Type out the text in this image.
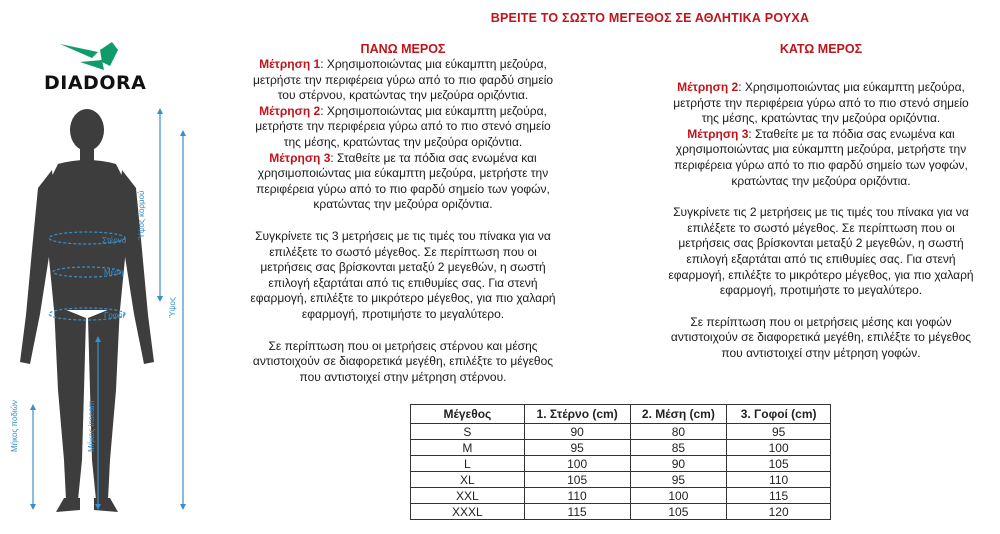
ΒΡΕΙΤΕ ΤΟ ΣΩΣΤΟ ΜΕΓΕΘΟΣ ΣΕ ΑΘΛΗΤΙΚΑ ΡΟΥΧΑ
DIADORA
Στέρνο
Μέση
Γοφοί
Ύψος κορμού
Ύψος
Μήκος ποδιών	Μήκος inseam
ΠΑΝΩ ΜΕΡΟΣ

Μέτρηση 1: Χρησιμοποιώντας μια εύκαμπτη μεζούρα, μετρήστε την περιφέρεια γύρω από το πιο φαρδύ σημείο του στέρνου, κρατώντας την μεζούρα οριζόντια.

Μέτρηση 2: Χρησιμοποιώντας μια εύκαμπτη μεζούρα, μετρήστε την περιφέρεια γύρω από το πιο στενό σημείο της μέσης, κρατώντας την μεζούρα οριζόντια.

Μέτρηση 3: Σταθείτε με τα πόδια σας ενωμένα και χρησιμοποιώντας μια εύκαμπτη μεζούρα, μετρήστε την περιφέρεια γύρω από το πιο φαρδύ σημείο των γοφών, κρατώντας την μεζούρα οριζόντια.

Συγκρίνετε τις 3 μετρήσεις με τις τιμές του πίνακα για να επιλέξετε το σωστό μέγεθος. Σε περίπτωση που οι μετρήσεις σας βρίσκονται μεταξύ 2 μεγεθών, η σωστή επιλογή εξαρτάται από τις επιθυμίες σας. Για στενή εφαρμογή, επιλέξτε το μικρότερο μέγεθος, για πιο χαλαρή εφαρμογή, προτιμήστε το μεγαλύτερο.

Σε περίπτωση που οι μετρήσεις στέρνου και μέσης αντιστοιχούν σε διαφορετικά μεγέθη, επιλέξτε το μέγεθος που αντιστοιχεί στην μέτρηση στέρνου.

ΚΑΤΩ ΜΕΡΟΣ

Μέτρηση 2: Χρησιμοποιώντας μια εύκαμπτη μεζούρα, μετρήστε την περιφέρεια γύρω από το πιο στενό σημείο της μέσης, κρατώντας την μεζούρα οριζόντια.

Μέτρηση 3: Σταθείτε με τα πόδια σας ενωμένα και χρησιμοποιώντας μια εύκαμπτη μεζούρα, μετρήστε την περιφέρεια γύρω από το πιο φαρδύ σημείο των γοφών, κρατώντας την μεζούρα οριζόντια.

Συγκρίνετε τις 2 μετρήσεις με τις τιμές του πίνακα για να επιλέξετε το σωστό μέγεθος. Σε περίπτωση που οι μετρήσεις σας βρίσκονται μεταξύ 2 μεγεθών, η σωστή επιλογή εξαρτάται από τις επιθυμίες σας. Για στενή εφαρμογή, επιλέξτε το μικρότερο μέγεθος, για πιο χαλαρή εφαρμογή, προτιμήστε το μεγαλύτερο.

Σε περίπτωση που οι μετρήσεις μέσης και γοφών αντιστοιχούν σε διαφορετικά μεγέθη, επιλέξτε το μέγεθος που αντιστοιχεί στην μέτρηση γοφών.

Μέγεθος	1. Στέρνο (cm)	2. Μέση (cm)	3. Γοφοί (cm)
S	90	80	95
M	95	85	100
L	100	90	105
XL	105	95	110
XXL	110	100	115
XXXL	115	105	120
